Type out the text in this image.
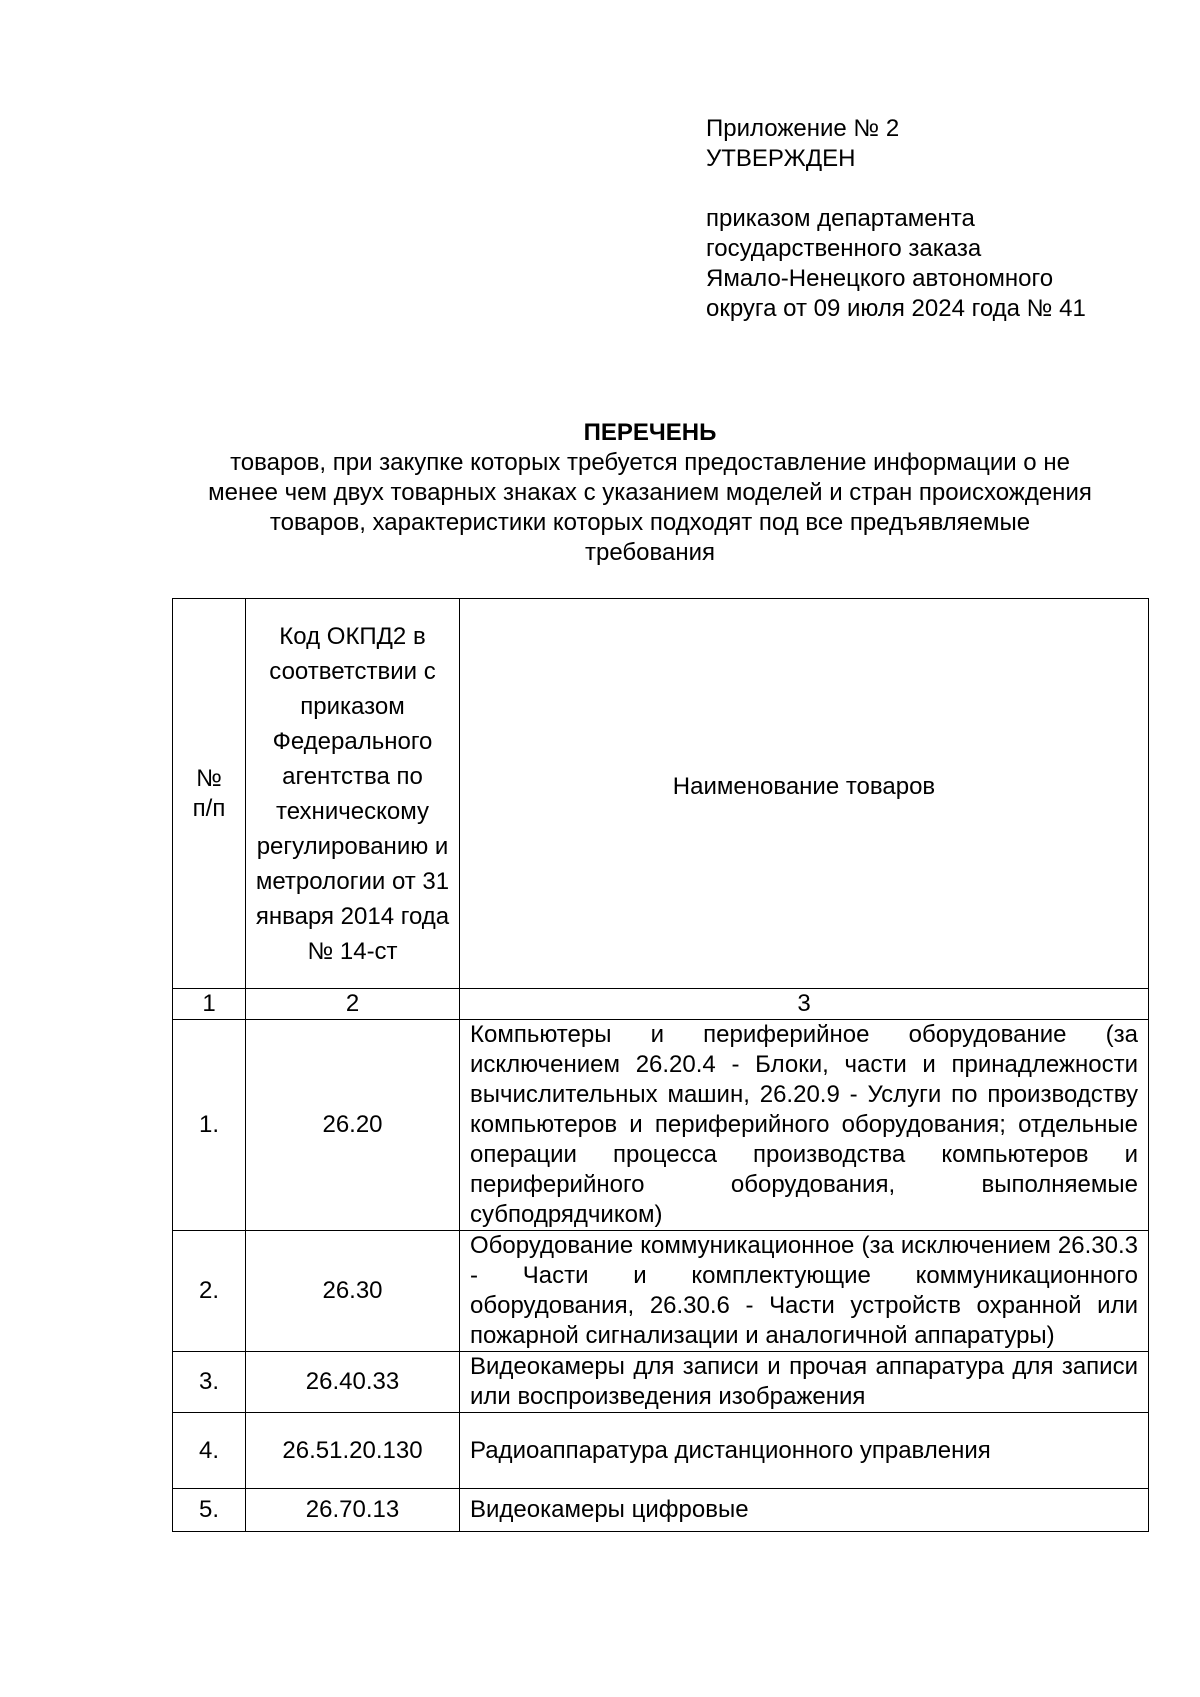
Приложение № 2
УТВЕРЖДЕН
приказом департамента
государственного заказа
Ямало-Ненецкого автономного
округа от 09 июля 2024 года № 41
ПЕРЕЧЕНЬ
товаров, при закупке которых требуется предоставление информации о не
менее чем двух товарных знаках с указанием моделей и стран происхождения
товаров, характеристики которых подходят под все предъявляемые
требования
№ п/п	Код ОКПД2 в соответствии с приказом Федерального агентства по техническому регулированию и метрологии от 31 января 2014 года № 14-ст	Наименование товаров
1	2	3
1.	26.20	Компьютеры и периферийное оборудование (за исключением 26.20.4 - Блоки, части и принадлежности вычислительных машин, 26.20.9 - Услуги по производству компьютеров и периферийного оборудования; отдельные операции процесса производства компьютеров и периферийного оборудования, выполняемые субподрядчиком)
2.	26.30	Оборудование коммуникационное (за исключением 26.30.3 - Части и комплектующие коммуникационного оборудования, 26.30.6 - Части устройств охранной или пожарной сигнализации и аналогичной аппаратуры)
3.	26.40.33	Видеокамеры для записи и прочая аппаратура для записи или воспроизведения изображения
4.	26.51.20.130	Радиоаппаратура дистанционного управления
5.	26.70.13	Видеокамеры цифровые
